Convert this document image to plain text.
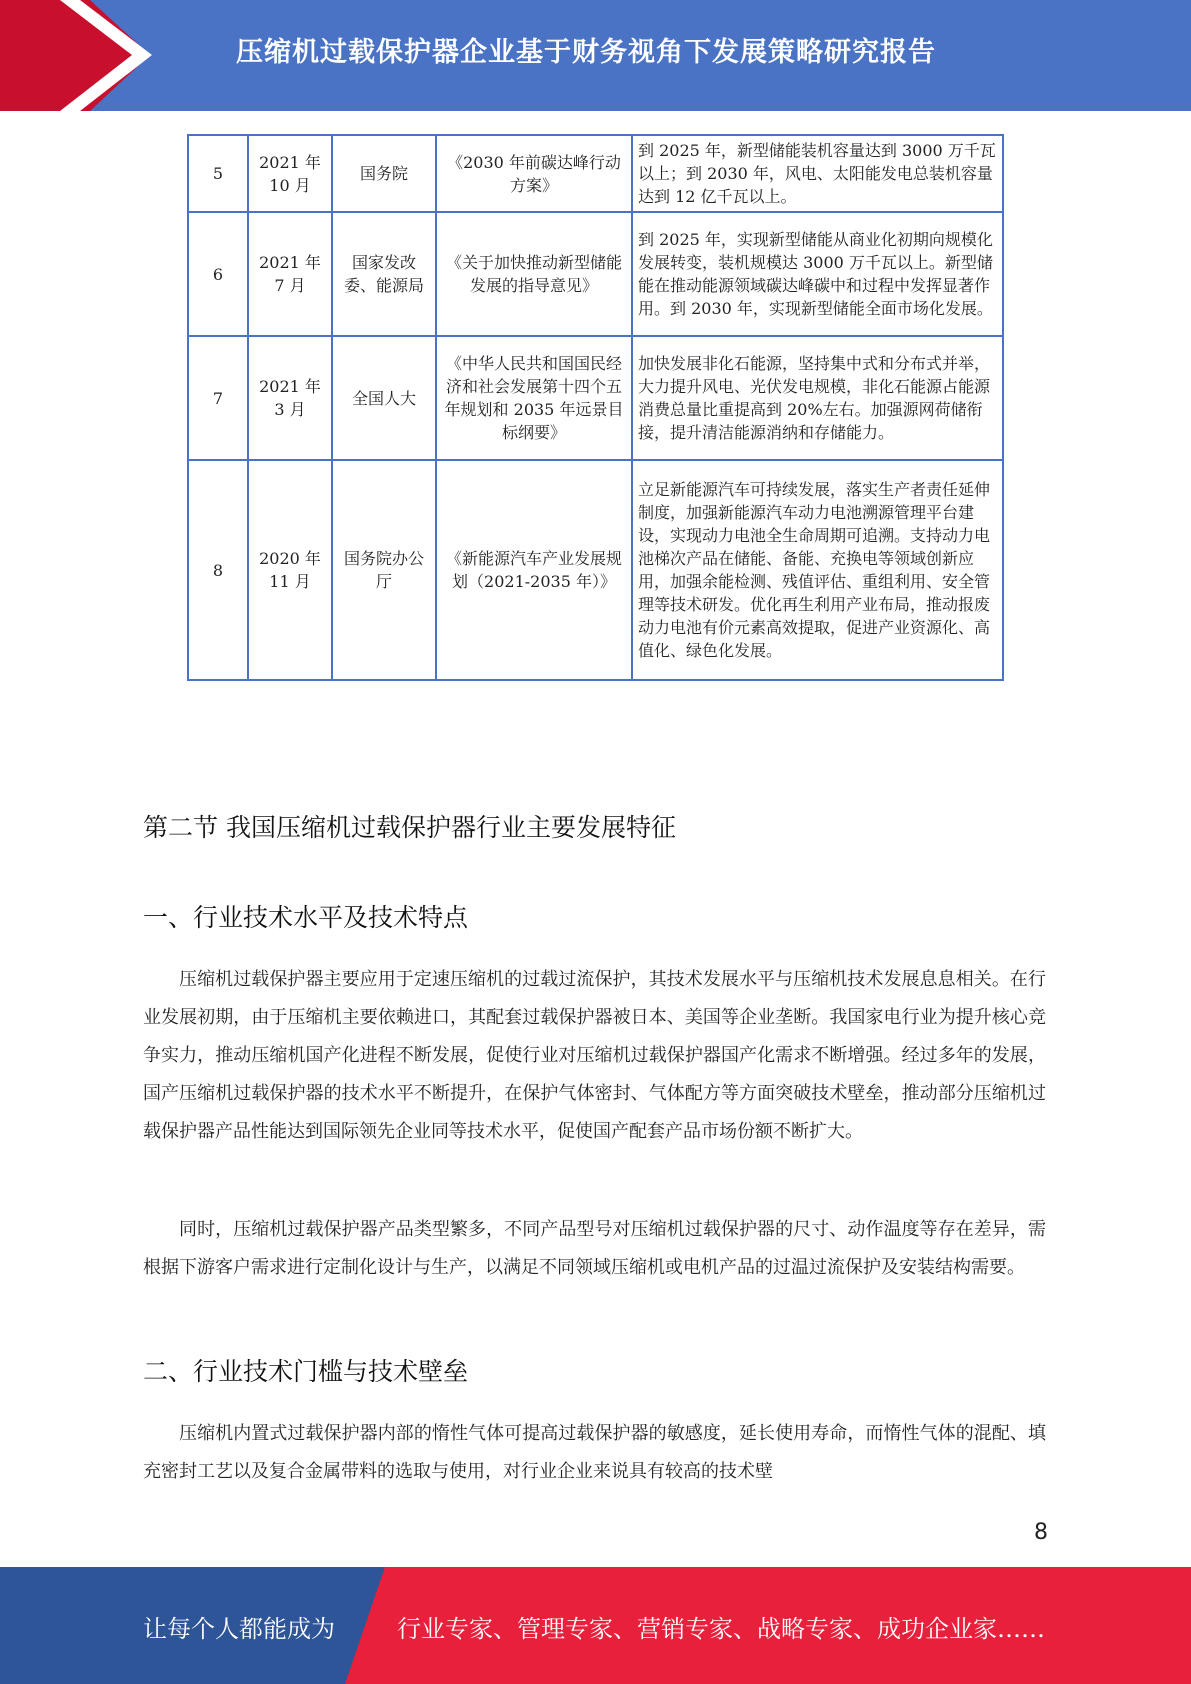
压缩机过载保护器企业基于财务视角下发展策略研究报告
5	2021 年 10 月	国务院	《2030 年前碳达峰行动方案》	到 2025 年，新型储能装机容量达到 3000 万千瓦以上；到 2030 年，风电、太阳能发电总装机容量达到 12 亿千瓦以上。
6	2021 年 7 月	国家发改委、能源局	《关于加快推动新型储能发展的指导意见》	到 2025 年，实现新型储能从商业化初期向规模化发展转变，装机规模达 3000 万千瓦以上。新型储能在推动能源领域碳达峰碳中和过程中发挥显著作用。到 2030 年，实现新型储能全面市场化发展。
7	2021 年 3 月	全国人大	《中华人民共和国国民经济和社会发展第十四个五年规划和 2035 年远景目标纲要》	加快发展非化石能源，坚持集中式和分布式并举，大力提升风电、光伏发电规模，非化石能源占能源消费总量比重提高到 20%左右。加强源网荷储衔接，提升清洁能源消纳和存储能力。
8	2020 年 11 月	国务院办公厅	《新能源汽车产业发展规划（2021-2035 年）》	立足新能源汽车可持续发展，落实生产者责任延伸制度，加强新能源汽车动力电池溯源管理平台建设，实现动力电池全生命周期可追溯。支持动力电池梯次产品在储能、备能、充换电等领域创新应用，加强余能检测、残值评估、重组利用、安全管理等技术研发。优化再生利用产业布局，推动报废动力电池有价元素高效提取，促进产业资源化、高值化、绿色化发展。
第二节 我国压缩机过载保护器行业主要发展特征
一、行业技术水平及技术特点

压缩机过载保护器主要应用于定速压缩机的过载过流保护，其技术发展水平与压缩机技术发展息息相关。在行业发展初期，由于压缩机主要依赖进口，其配套过载保护器被日本、美国等企业垄断。我国家电行业为提升核心竞争实力，推动压缩机国产化进程不断发展，促使行业对压缩机过载保护器国产化需求不断增强。经过多年的发展，国产压缩机过载保护器的技术水平不断提升，在保护气体密封、气体配方等方面突破技术壁垒，推动部分压缩机过载保护器产品性能达到国际领先企业同等技术水平，促使国产配套产品市场份额不断扩大。

同时，压缩机过载保护器产品类型繁多，不同产品型号对压缩机过载保护器的尺寸、动作温度等存在差异，需根据下游客户需求进行定制化设计与生产，以满足不同领域压缩机或电机产品的过温过流保护及安装结构需要。

二、行业技术门槛与技术壁垒

压缩机内置式过载保护器内部的惰性气体可提高过载保护器的敏感度，延长使用寿命，而惰性气体的混配、填充密封工艺以及复合金属带料的选取与使用，对行业企业来说具有较高的技术壁

8
让每个人都能成为	行业专家、管理专家、营销专家、战略专家、成功企业家……
